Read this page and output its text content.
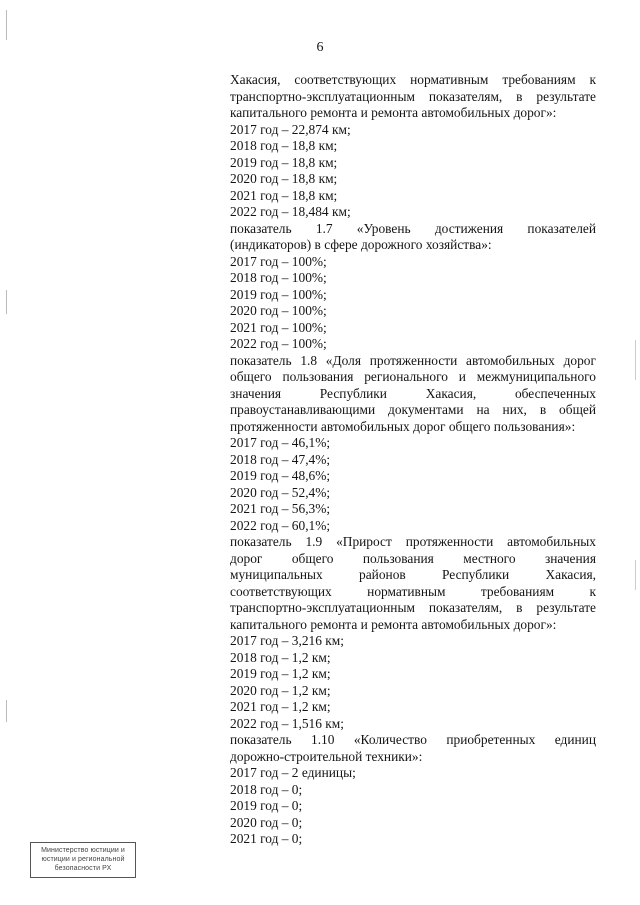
6
Хакасия, соответствующих нормативным требованиям к
транспортно-эксплуатационным показателям, в результате
капитального ремонта и ремонта автомобильных дорог»:
2017 год – 22,874 км;
2018 год – 18,8 км;
2019 год – 18,8 км;
2020 год – 18,8 км;
2021 год – 18,8 км;
2022 год – 18,484 км;
показатель 1.7 «Уровень достижения показателей
(индикаторов) в сфере дорожного хозяйства»:
2017 год – 100%;
2018 год – 100%;
2019 год – 100%;
2020 год – 100%;
2021 год – 100%;
2022 год – 100%;
показатель 1.8 «Доля протяженности автомобильных дорог
общего пользования регионального и межмуниципального
значения Республики Хакасия, обеспеченных
правоустанавливающими документами на них, в общей
протяженности автомобильных дорог общего пользования»:
2017 год – 46,1%;
2018 год – 47,4%;
2019 год – 48,6%;
2020 год – 52,4%;
2021 год – 56,3%;
2022 год – 60,1%;
показатель 1.9 «Прирост протяженности автомобильных
дорог общего пользования местного значения
муниципальных районов Республики Хакасия,
соответствующих нормативным требованиям к
транспортно-эксплуатационным показателям, в результате
капитального ремонта и ремонта автомобильных дорог»:
2017 год – 3,216 км;
2018 год – 1,2 км;
2019 год – 1,2 км;
2020 год – 1,2 км;
2021 год – 1,2 км;
2022 год – 1,516 км;
показатель 1.10 «Количество приобретенных единиц
дорожно-строительной техники»:
2017 год – 2 единицы;
2018 год – 0;
2019 год – 0;
2020 год – 0;
2021 год – 0;
Министерство юстиции и
юстиции и региональной
безопасности РХ
